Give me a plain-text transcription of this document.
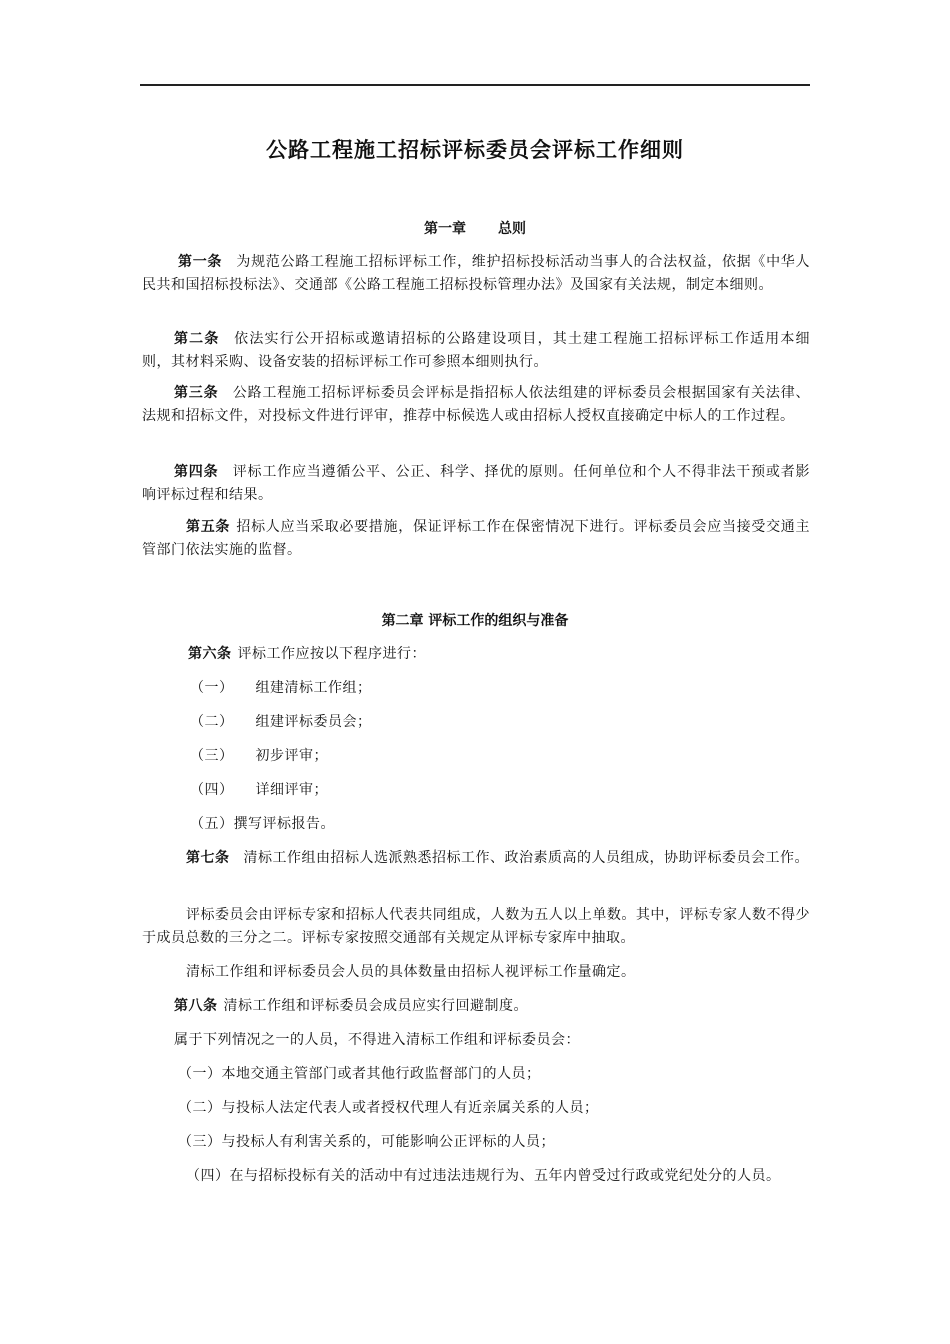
公路工程施工招标评标委员会评标工作细则
第一章 总则

第一条 为规范公路工程施工招标评标工作，维护招标投标活动当事人的合法权益，依据《中华人民共和国招标投标法》、交通部《公路工程施工招标投标管理办法》及国家有关法规，制定本细则。

第二条 依法实行公开招标或邀请招标的公路建设项目，其土建工程施工招标评标工作适用本细则，其材料采购、设备安装的招标评标工作可参照本细则执行。

第三条 公路工程施工招标评标委员会评标是指招标人依法组建的评标委员会根据国家有关法律、法规和招标文件，对投标文件进行评审，推荐中标候选人或由招标人授权直接确定中标人的工作过程。

第四条 评标工作应当遵循公平、公正、科学、择优的原则。任何单位和个人不得非法干预或者影响评标过程和结果。

第五条 招标人应当采取必要措施，保证评标工作在保密情况下进行。评标委员会应当接受交通主管部门依法实施的监督。

第二章 评标工作的组织与准备

第六条 评标工作应按以下程序进行：

（一） 组建清标工作组；

（二） 组建评标委员会；

（三） 初步评审；

（四） 详细评审；

（五）撰写评标报告。

第七条 清标工作组由招标人选派熟悉招标工作、政治素质高的人员组成，协助评标委员会工作。

评标委员会由评标专家和招标人代表共同组成，人数为五人以上单数。其中，评标专家人数不得少于成员总数的三分之二。评标专家按照交通部有关规定从评标专家库中抽取。

清标工作组和评标委员会人员的具体数量由招标人视评标工作量确定。

第八条 清标工作组和评标委员会成员应实行回避制度。

属于下列情况之一的人员，不得进入清标工作组和评标委员会：

（一）本地交通主管部门或者其他行政监督部门的人员；

（二）与投标人法定代表人或者授权代理人有近亲属关系的人员；

（三）与投标人有利害关系的，可能影响公正评标的人员；

（四）在与招标投标有关的活动中有过违法违规行为、五年内曾受过行政或党纪处分的人员。
